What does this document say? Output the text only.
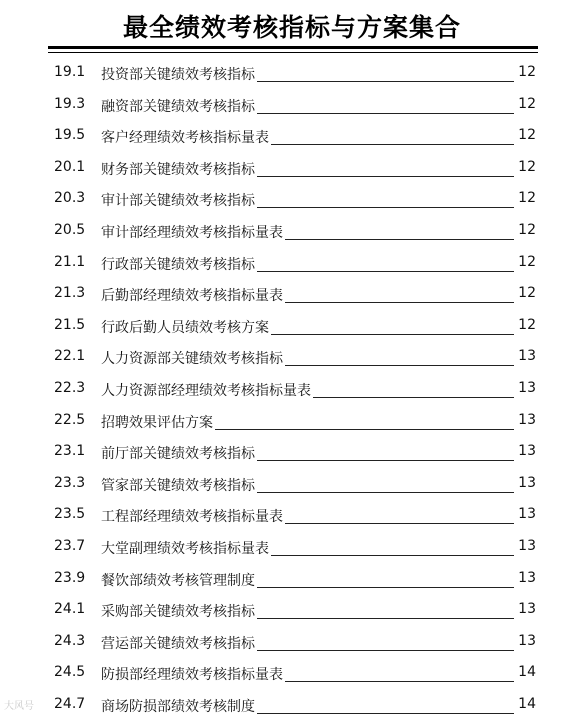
最全绩效考核指标与方案集合
19.1 投资部关键绩效考核指标	12
19.3 融资部关键绩效考核指标	12
19.5 客户经理绩效考核指标量表	12
20.1 财务部关键绩效考核指标	12
20.3 审计部关键绩效考核指标	12
20.5 审计部经理绩效考核指标量表	12
21.1 行政部关键绩效考核指标	12
21.3 后勤部经理绩效考核指标量表	12
21.5 行政后勤人员绩效考核方案	12
22.1 人力资源部关键绩效考核指标	13
22.3 人力资源部经理绩效考核指标量表	13
22.5 招聘效果评估方案	13
23.1 前厅部关键绩效考核指标	13
23.3 管家部关键绩效考核指标	13
23.5 工程部经理绩效考核指标量表	13
23.7 大堂副理绩效考核指标量表	13
23.9 餐饮部绩效考核管理制度	13
24.1 采购部关键绩效考核指标	13
24.3 营运部关键绩效考核指标	13
24.5 防损部经理绩效考核指标量表	14
24.7 商场防损部绩效考核制度	14
大风号
